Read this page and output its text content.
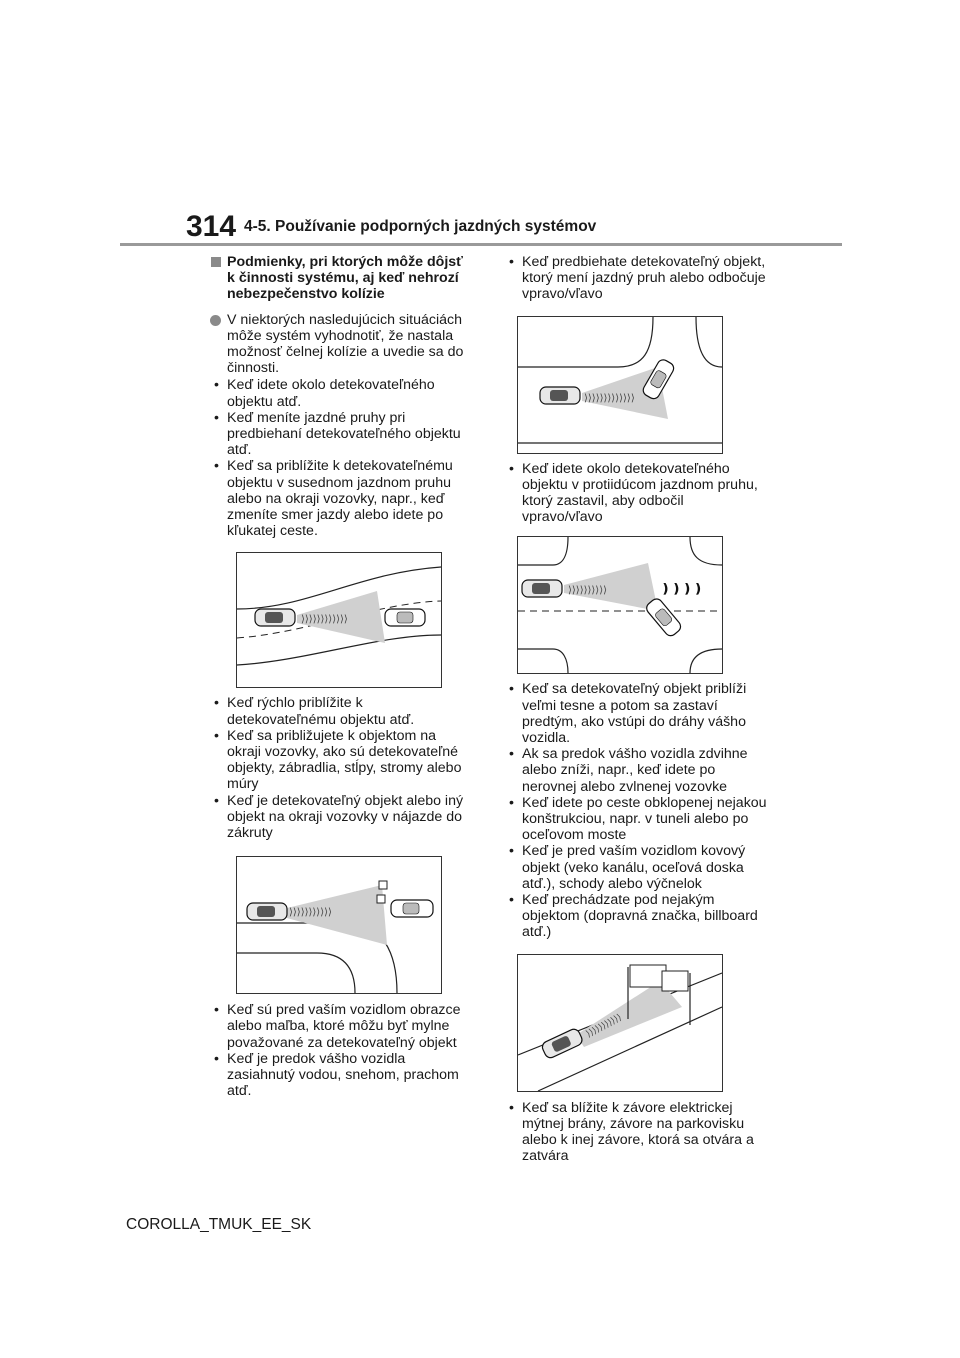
314 4-5. Používanie podporných jazdných systémov
Podmienky, pri ktorých môže dôjsť k činnosti systému, aj keď nehrozí nebezpečenstvo kolízie
V niektorých nasledujúcich situáciách môže systém vyhodnotiť, že nastala možnosť čelnej kolízie a uvedie sa do činnosti.
• Keď idete okolo detekovateľného objektu atď.
• Keď meníte jazdné pruhy pri predbiehaní detekovateľného objektu atď.
• Keď sa priblížite k detekovateľnému objektu v susednom jazdnom pruhu alebo na okraji vozovky, napr., keď zmeníte smer jazdy alebo idete po kľukatej ceste.
⟩⟩⟩⟩⟩⟩⟩⟩⟩⟩⟩⟩
• Keď rýchlo priblížite k detekovateľnému objektu atď.
• Keď sa približujete k objektom na okraji vozovky, ako sú detekovateľné objekty, zábradlia, stĺpy, stromy alebo múry
• Keď je detekovateľný objekt alebo iný objekt na okraji vozovky v nájazde do zákruty
⟩⟩⟩⟩⟩⟩⟩⟩⟩⟩⟩
• Keď sú pred vaším vozidlom obrazce alebo maľba, ktoré môžu byť mylne považované za detekovateľný objekt
• Keď je predok vášho vozidla zasiahnutý vodou, snehom, prachom atď.
• Keď predbiehate detekovateľný objekt, ktorý mení jazdný pruh alebo odbočuje vpravo/vľavo
⟩⟩⟩⟩⟩⟩⟩⟩⟩⟩⟩⟩⟩
• Keď idete okolo detekovateľného objektu v protiidúcom jazdnom pruhu, ktorý zastavil, aby odbočil vpravo/vľavo
⟩⟩⟩⟩⟩⟩⟩⟩⟩⟩	❫❫❫❫
• Keď sa detekovateľný objekt priblíži veľmi tesne a potom sa zastaví predtým, ako vstúpi do dráhy vášho vozidla.
• Ak sa predok vášho vozidla zdvihne alebo zníži, napr., keď idete po nerovnej alebo zvlnenej vozovke
• Keď idete po ceste obklopenej nejakou konštrukciou, napr. v tuneli alebo po oceľovom moste
• Keď je pred vaším vozidlom kovový objekt (veko kanálu, oceľová doska atď.), schody alebo výčnelok
• Keď prechádzate pod nejakým objektom (dopravná značka, billboard atď.)
⟩⟩⟩⟩⟩⟩⟩⟩⟩⟩⟩
• Keď sa blížite k závore elektrickej mýtnej brány, závore na parkovisku alebo k inej závore, ktorá sa otvára a zatvára
COROLLA_TMUK_EE_SK
